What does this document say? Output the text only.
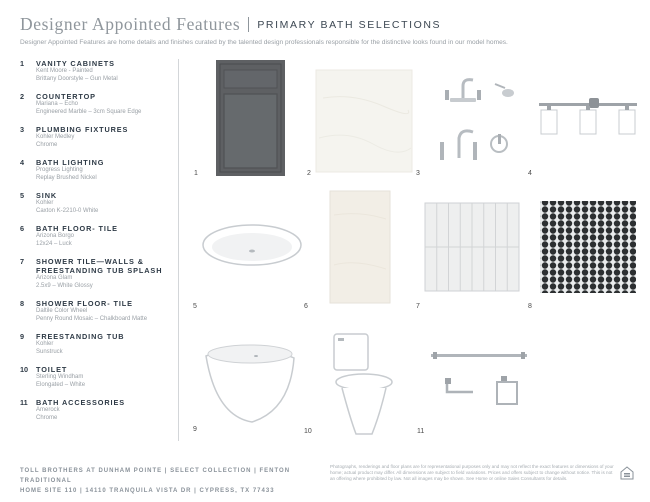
Designer Appointed Features PRIMARY BATH SELECTIONS
Designer Appointed Features are home details and finishes curated by the talented design professionals responsible for the distinctive looks found in our model homes.
1 VANITY CABINETS
Kent Moore - Painted
Brittany Doorstyle – Gun Metal
2 COUNTERTOP
Mariana – Echo
Engineered Marble – 3cm Square Edge
3 PLUMBING FIXTURES
Kohler Medley
Chrome
4 BATH LIGHTING
Progress Lighting
Replay Brushed Nickel
5 SINK
Kohler
Caxton K-2210-0 White
6 BATH FLOOR- TILE
Arizona Borgo
12x24 – Luck
7 SHOWER TILE—WALLS & FREESTANDING TUB SPLASH
Arizona Glam
2.5x9 – White Glossy
8 SHOWER FLOOR- TILE
Daltile Color Wheel
Penny Round Mosaic – Chalkboard Matte
9 FREESTANDING TUB
Kohler
Sunstruck
10 TOILET
Sterling Windham
Elongated – White
11 BATH ACCESSORIES
Amerock
Chrome
1	2	3	4
5	6	7	8
9	10	11
TOLL BROTHERS AT DUNHAM POINTE | SELECT COLLECTION | FENTON TRADITIONAL
HOME SITE 110 | 14110 TRANQUILA VISTA DR | CYPRESS, TX 77433
Photographs, renderings and floor plans are for representational purposes only and may not reflect the exact features or dimensions of your home; actual product may differ. All dimensions are subject to field variations. Prices and offers subject to change without notice. This is not an offering where prohibited by law. Not all images may be shown. See Home or online Sales Consultants for details.
